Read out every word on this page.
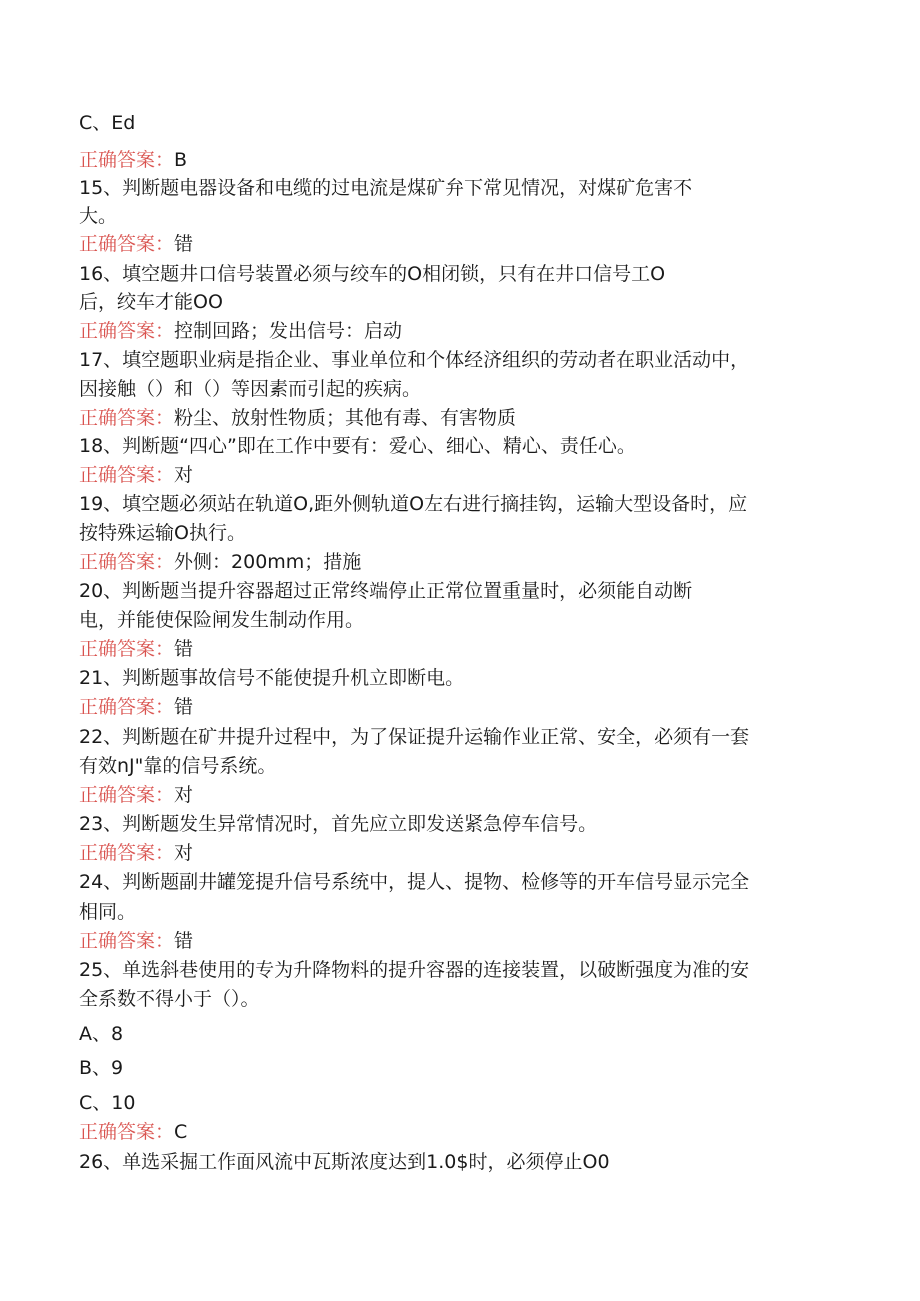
C、Ed
正确答案：B
15、判断题电器设备和电缆的过电流是煤矿弁下常见情况，对煤矿危害不
大。
正确答案：错
16、填空题井口信号装置必须与绞车的O相闭锁，只有在井口信号工O
后，绞车才能OO
正确答案：控制回路；发出信号：启动
17、填空题职业病是指企业、事业单位和个体经济组织的劳动者在职业活动中，
因接触（）和（）等因素而引起的疾病。
正确答案：粉尘、放射性物质；其他有毒、有害物质
18、判断题“四心”即在工作中要有：爱心、细心、精心、责任心。
正确答案：对
19、填空题必须站在轨道O,距外侧轨道O左右进行摘挂钩，运输大型设备时，应
按特殊运输O执行。
正确答案：外侧：200mm；措施
20、判断题当提升容器超过正常终端停止正常位置重量时，必须能自动断
电，并能使保险闸发生制动作用。
正确答案：错
21、判断题事故信号不能使提升机立即断电。
正确答案：错
22、判断题在矿井提升过程中，为了保证提升运输作业正常、安全，必须有一套
有效nJ"靠的信号系统。
正确答案：对
23、判断题发生异常情况时，首先应立即发送紧急停车信号。
正确答案：对
24、判断题副井罐笼提升信号系统中，提人、提物、检修等的开车信号显示完全
相同。
正确答案：错
25、单选斜巷使用的专为升降物料的提升容器的连接装置，以破断强度为准的安
全系数不得小于（）。
A、8
B、9
C、10
正确答案：C
26、单选采掘工作面风流中瓦斯浓度达到1.0$时，必须停止O0
